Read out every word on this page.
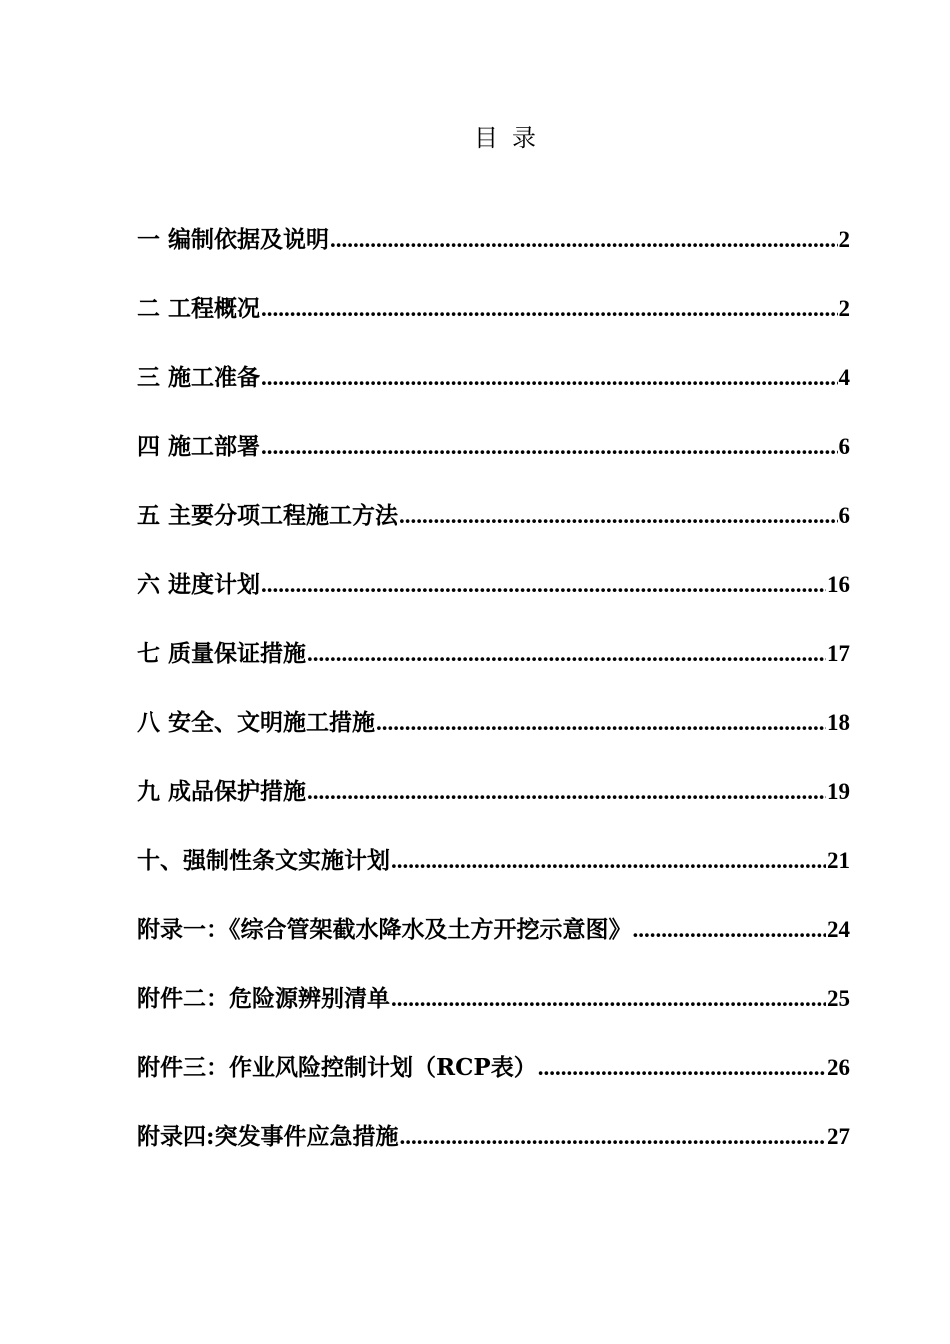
目录
一 编制依据及说明 .....	2
二 工程概况 .....	2
三 施工准备 .....	4
四 施工部署 .....	6
五 主要分项工程施工方法 .....	6
六 进度计划 .....	16
七 质量保证措施 .....	17
八 安全、文明施工措施 .....	18
九 成品保护措施 .....	19
十、强制性条文实施计划 .....	21
附录一：《综合管架截水降水及土方开挖示意图》 .....	24
附件二：危险源辨别清单 .....	25
附件三：作业风险控制计划（RCP表） .....	26
附录四:突发事件应急措施 .....	27
